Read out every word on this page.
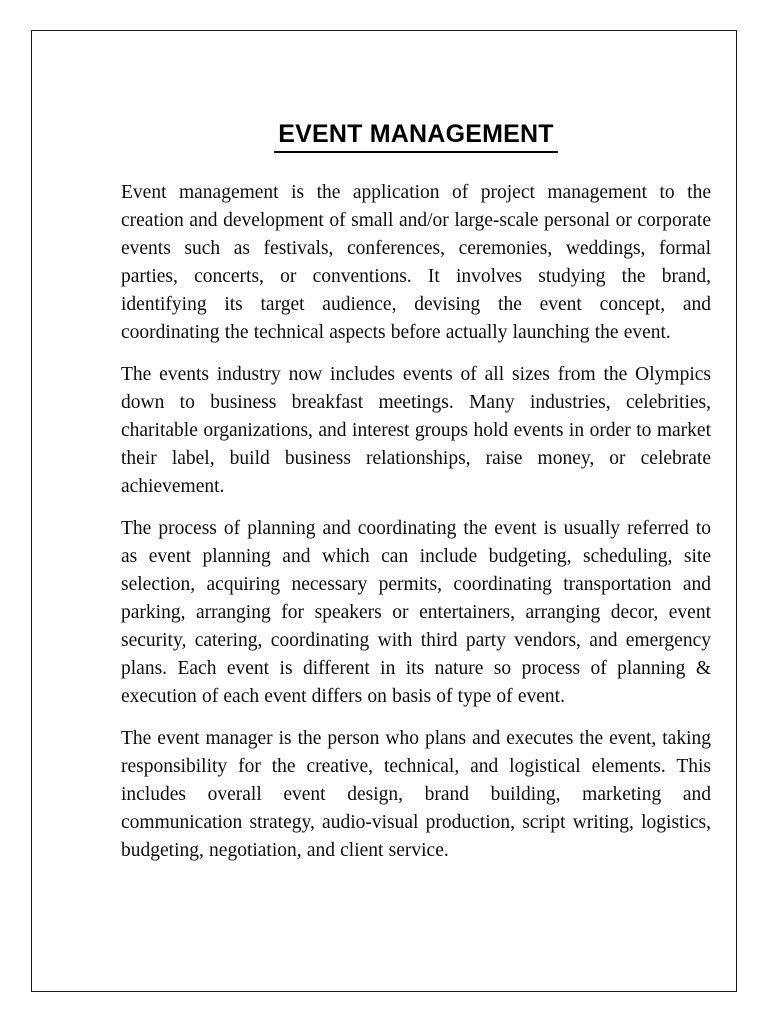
EVENT MANAGEMENT

Event management is the application of project management to the creation and development of small and/or large-scale personal or corporate events such as festivals, conferences, ceremonies, weddings, formal parties, concerts, or conventions. It involves studying the brand, identifying its target audience, devising the event concept, and coordinating the technical aspects before actually launching the event.

The events industry now includes events of all sizes from the Olympics down to business breakfast meetings. Many industries, celebrities, charitable organizations, and interest groups hold events in order to market their label, build business relationships, raise money, or celebrate achievement.

The process of planning and coordinating the event is usually referred to as event planning and which can include budgeting, scheduling, site selection, acquiring necessary permits, coordinating transportation and parking, arranging for speakers or entertainers, arranging decor, event security, catering, coordinating with third party vendors, and emergency plans. Each event is different in its nature so process of planning & execution of each event differs on basis of type of event.

The event manager is the person who plans and executes the event, taking responsibility for the creative, technical, and logistical elements. This includes overall event design, brand building, marketing and communication strategy, audio-visual production, script writing, logistics, budgeting, negotiation, and client service.
